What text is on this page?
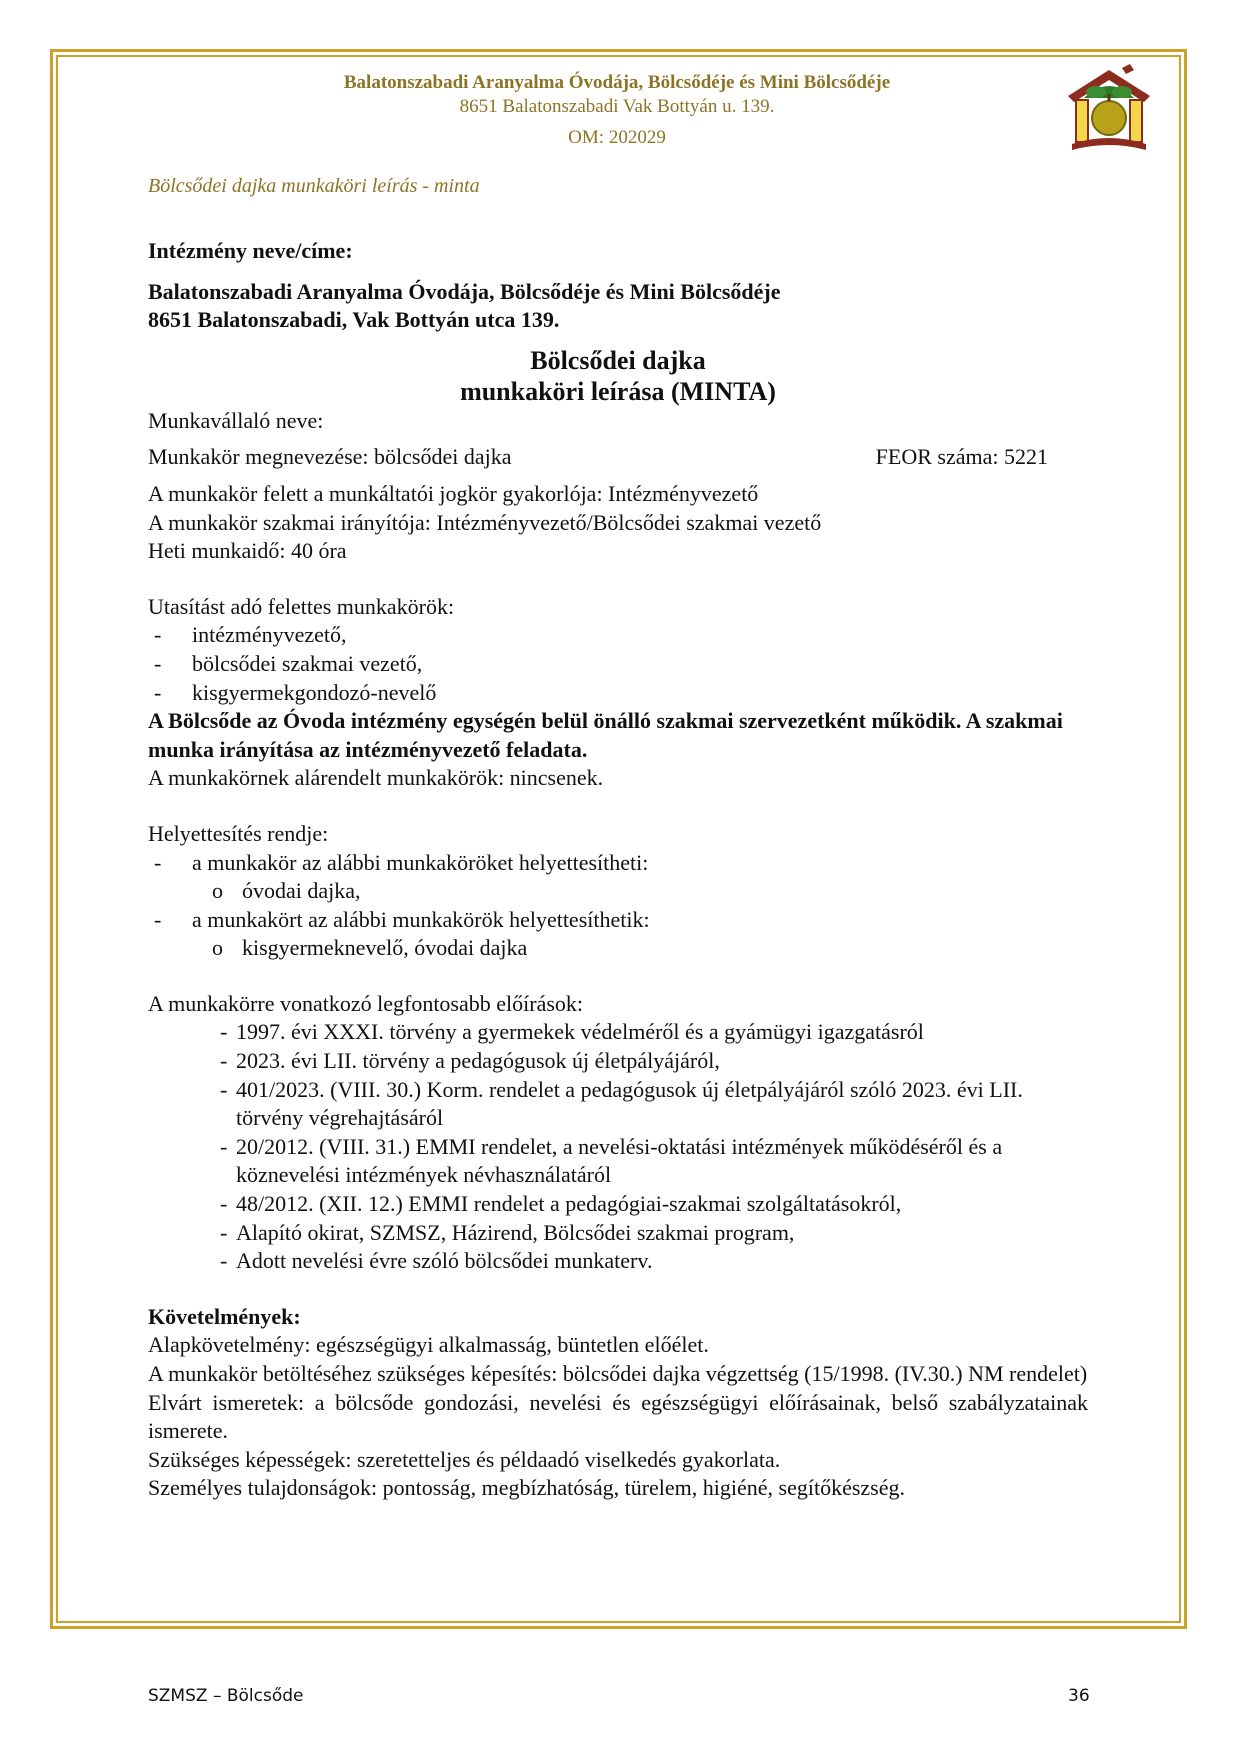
Balatonszabadi Aranyalma Óvodája, Bölcsődéje és Mini Bölcsődéje
8651 Balatonszabadi Vak Bottyán u. 139.
OM: 202029
Bölcsődei dajka munkaköri leírás - minta

Intézmény neve/címe:

Balatonszabadi Aranyalma Óvodája, Bölcsődéje és Mini Bölcsődéje

8651 Balatonszabadi, Vak Bottyán utca 139.

Bölcsődei dajka
munkaköri leírása (MINTA)

Munkavállaló neve:

Munkakör megnevezése: bölcsődei dajka	FEOR száma: 5221

A munkakör felett a munkáltatói jogkör gyakorlója: Intézményvezető

A munkakör szakmai irányítója: Intézményvezető/Bölcsődei szakmai vezető

Heti munkaidő: 40 óra

Utasítást adó felettes munkakörök:

-	intézményvezető,
-	bölcsődei szakmai vezető,
-	kisgyermekgondozó-nevelő

A Bölcsőde az Óvoda intézmény egységén belül önálló szakmai szervezetként működik. A szakmai munka irányítása az intézményvezető feladata.

A munkakörnek alárendelt munkakörök: nincsenek.

Helyettesítés rendje:

-	a munkakör az alábbi munkaköröket helyettesítheti:
o óvodai dajka,
-	a munkakört az alábbi munkakörök helyettesíthetik:
o kisgyermeknevelő, óvodai dajka

A munkakörre vonatkozó legfontosabb előírások:

- 1997. évi XXXI. törvény a gyermekek védelméről és a gyámügyi igazgatásról
- 2023. évi LII. törvény a pedagógusok új életpályájáról,
- 401/2023. (VIII. 30.) Korm. rendelet a pedagógusok új életpályájáról szóló 2023. évi LII. törvény végrehajtásáról
- 20/2012. (VIII. 31.) EMMI rendelet, a nevelési-oktatási intézmények működéséről és a köznevelési intézmények névhasználatáról
- 48/2012. (XII. 12.) EMMI rendelet a pedagógiai-szakmai szolgáltatásokról,
- Alapító okirat, SZMSZ, Házirend, Bölcsődei szakmai program,
- Adott nevelési évre szóló bölcsődei munkaterv.

Követelmények:

Alapkövetelmény: egészségügyi alkalmasság, büntetlen előélet.

A munkakör betöltéséhez szükséges képesítés: bölcsődei dajka végzettség (15/1998. (IV.30.) NM rendelet)

Elvárt ismeretek: a bölcsőde gondozási, nevelési és egészségügyi előírásainak, belső szabályzatainak ismerete.

Szükséges képességek: szeretetteljes és példaadó viselkedés gyakorlata.

Személyes tulajdonságok: pontosság, megbízhatóság, türelem, higiéné, segítőkészség.

SZMSZ – Bölcsőde	36
